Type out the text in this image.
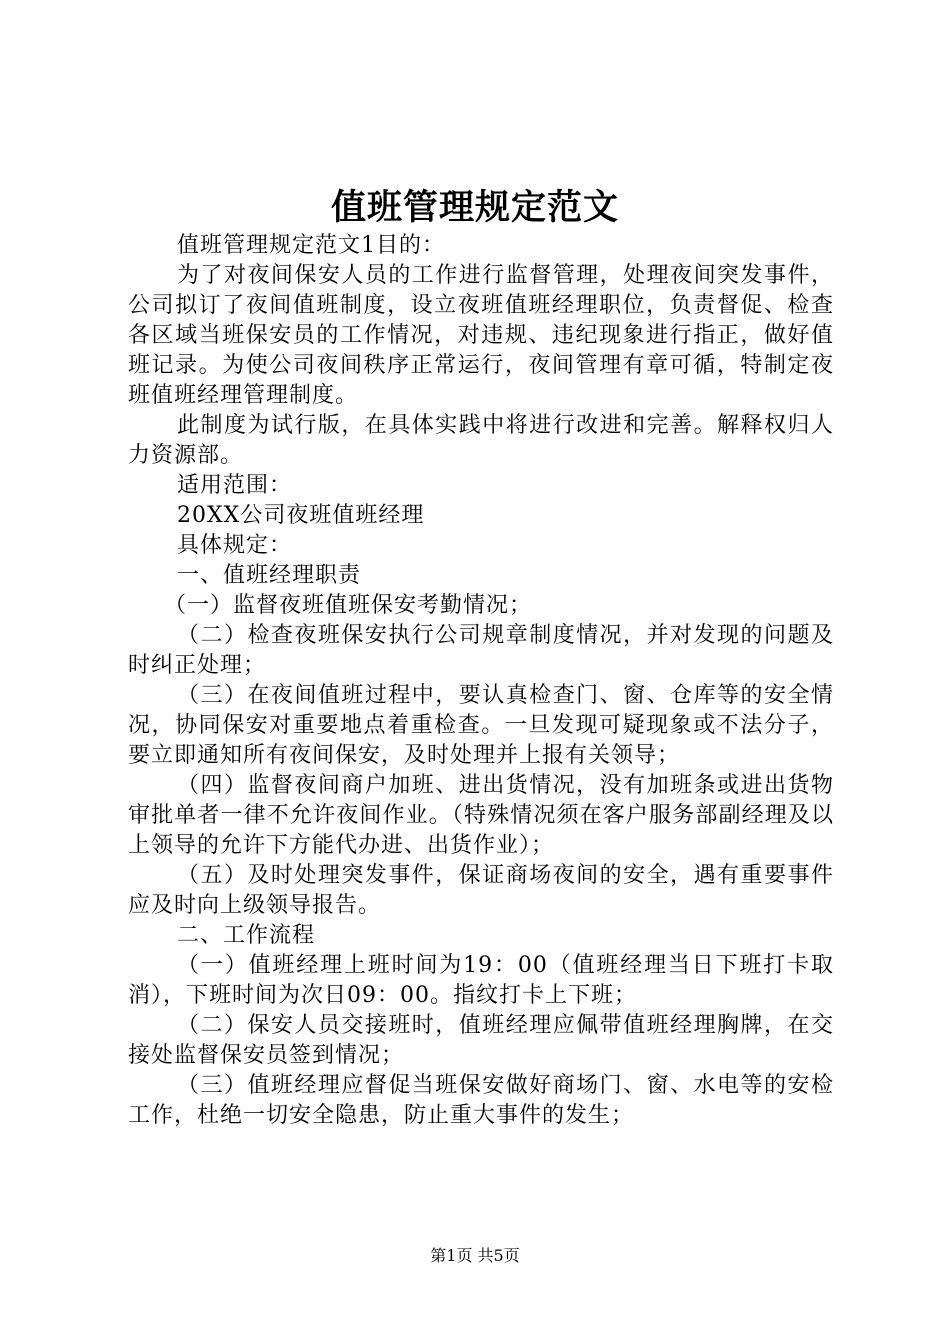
值班管理规定范文

值班管理规定范文1目的：

为了对夜间保安人员的工作进行监督管理，处理夜间突发事件，公司拟订了夜间值班制度，设立夜班值班经理职位，负责督促、检查各区域当班保安员的工作情况，对违规、违纪现象进行指正，做好值班记录。为使公司夜间秩序正常运行，夜间管理有章可循，特制定夜班值班经理管理制度。

此制度为试行版，在具体实践中将进行改进和完善。解释权归人力资源部。

适用范围：

20XX公司夜班值班经理

具体规定：

一、值班经理职责

（一）监督夜班值班保安考勤情况；

（二）检查夜班保安执行公司规章制度情况，并对发现的问题及时纠正处理；

（三）在夜间值班过程中，要认真检查门、窗、仓库等的安全情况，协同保安对重要地点着重检查。一旦发现可疑现象或不法分子，要立即通知所有夜间保安，及时处理并上报有关领导；

（四）监督夜间商户加班、进出货情况，没有加班条或进出货物审批单者一律不允许夜间作业。（特殊情况须在客户服务部副经理及以上领导的允许下方能代办进、出货作业）；

（五）及时处理突发事件，保证商场夜间的安全，遇有重要事件应及时向上级领导报告。

二、工作流程

（一）值班经理上班时间为19：00（值班经理当日下班打卡取消），下班时间为次日09：00。指纹打卡上下班；

（二）保安人员交接班时，值班经理应佩带值班经理胸牌，在交接处监督保安员签到情况；

（三）值班经理应督促当班保安做好商场门、窗、水电等的安检工作，杜绝一切安全隐患，防止重大事件的发生；

第1页 共5页
